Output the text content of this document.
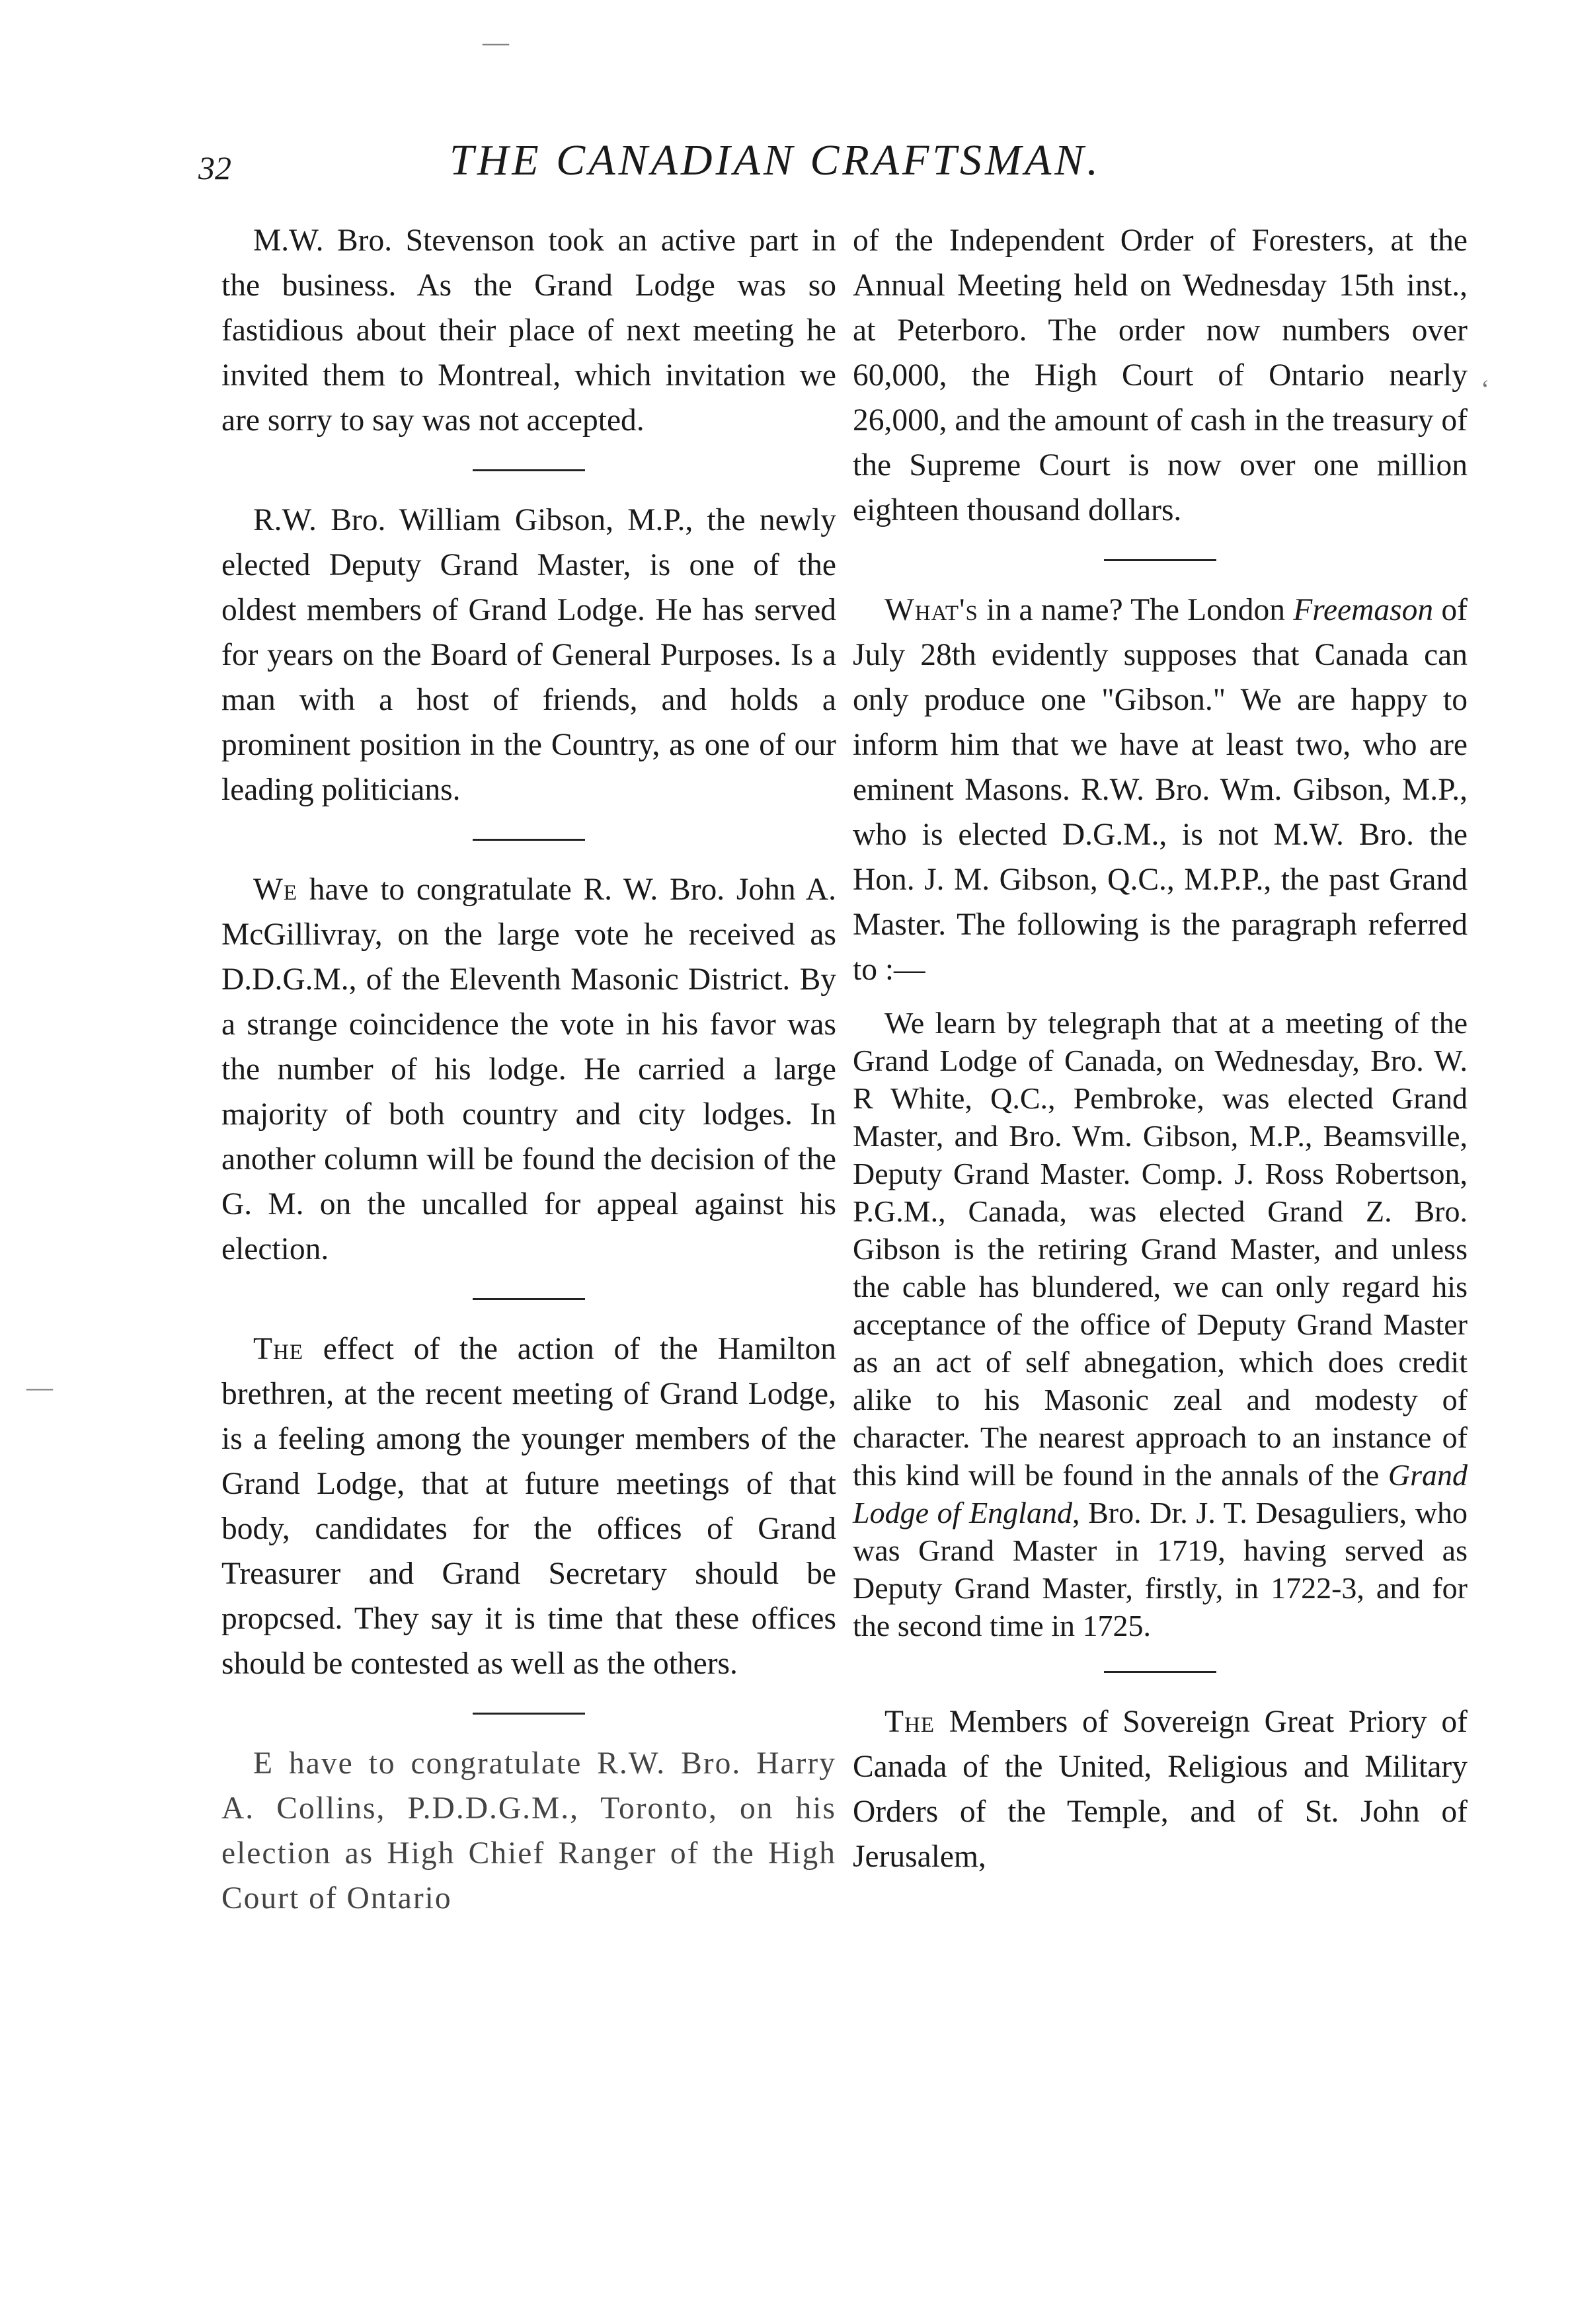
32	THE CANADIAN CRAFTSMAN.

M.W. Bro. Stevenson took an active part in the business. As the Grand Lodge was so fastidious about their place of next meeting he invited them to Montreal, which invitation we are sorry to say was not accepted.

R.W. Bro. William Gibson, M.P., the newly elected Deputy Grand Master, is one of the oldest members of Grand Lodge. He has served for years on the Board of General Purposes. Is a man with a host of friends, and holds a prominent position in the Country, as one of our leading politicians.

We have to congratulate R. W. Bro. John A. McGillivray, on the large vote he received as D.D.G.M., of the Eleventh Masonic District. By a strange coincidence the vote in his favor was the number of his lodge. He carried a large majority of both country and city lodges. In another column will be found the decision of the G. M. on the uncalled for appeal against his election.

The effect of the action of the Hamilton brethren, at the recent meeting of Grand Lodge, is a feeling among the younger members of the Grand Lodge, that at future meetings of that body, candidates for the offices of Grand Treasurer and Grand Secretary should be propcsed. They say it is time that these offices should be contested as well as the others.

E have to congratulate R.W. Bro. Harry A. Collins, P.D.D.G.M., Toronto, on his election as High Chief Ranger of the High Court of Ontario

of the Independent Order of Foresters, at the Annual Meeting held on Wednesday 15th inst., at Peterboro. The order now numbers over 60,000, the High Court of Ontario nearly 26,000, and the amount of cash in the treasury of the Supreme Court is now over one million eighteen thousand dollars.

What's in a name? The London Freemason of July 28th evidently supposes that Canada can only produce one "Gibson." We are happy to inform him that we have at least two, who are eminent Masons. R.W. Bro. Wm. Gibson, M.P., who is elected D.G.M., is not M.W. Bro. the Hon. J. M. Gibson, Q.C., M.P.P., the past Grand Master. The following is the paragraph referred to :—

We learn by telegraph that at a meeting of the Grand Lodge of Canada, on Wednesday, Bro. W. R White, Q.C., Pembroke, was elected Grand Master, and Bro. Wm. Gibson, M.P., Beamsville, Deputy Grand Master. Comp. J. Ross Robertson, P.G.M., Canada, was elected Grand Z. Bro. Gibson is the retiring Grand Master, and unless the cable has blundered, we can only regard his acceptance of the office of Deputy Grand Master as an act of self abnegation, which does credit alike to his Masonic zeal and modesty of character. The nearest approach to an instance of this kind will be found in the annals of the Grand Lodge of England, Bro. Dr. J. T. Desaguliers, who was Grand Master in 1719, having served as Deputy Grand Master, firstly, in 1722-3, and for the second time in 1725.

The Members of Sovereign Great Priory of Canada of the United, Religious and Military Orders of the Temple, and of St. John of Jerusalem,

‘
—
—
